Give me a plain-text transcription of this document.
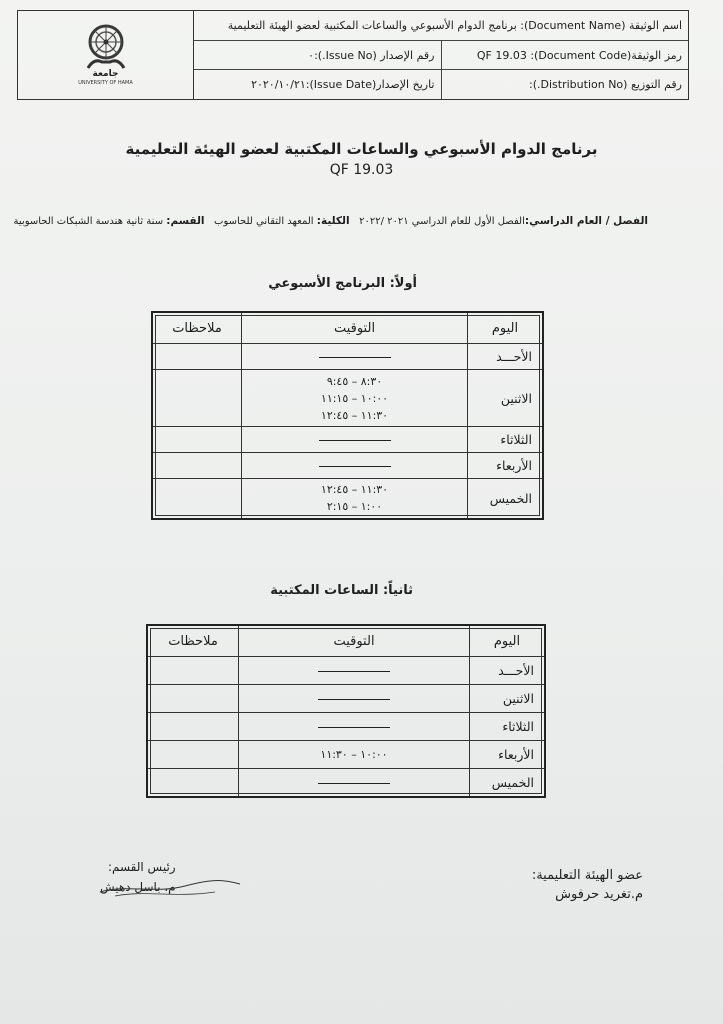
اسم الوثيقة (Document Name): برنامج الدوام الأسبوعي والساعات المكتبية لعضو الهيئة التعليمية
رمز الوثيقة(Document Code):

QF 19.03
رقم الإصدار (Issue No.):
٠
رقم التوزيع (Distribution No.):
تاريخ الإصدار(Issue Date):
٢٠٢٠/١٠/٢١
جامعة
UNIVERSITY OF HAMA
برنامج الدوام الأسبوعي والساعات المكتبية لعضو الهيئة التعليمية
QF 19.03
الفصل / العام الدراسي:الفصل الأول للعام الدراسي ٢٠٢١ /٢٠٢٢   الكلية: المعهد التقاني للحاسوب   القسم: سنة ثانية هندسة الشبكات الحاسوبية
أولاً: البرنامج الأسبوعي
اليوم	التوقيت	ملاحظات
الأحـــد		
الاثنين	٨:٣٠ – ٩:٤٥
١٠:٠٠ – ١١:١٥
١١:٣٠ – ١٢:٤٥	

الثلاثاء		
الأربعاء		
الخميس	١١:٣٠ – ١٢:٤٥
١:٠٠ – ٢:١٥	

ثانياً: الساعات المكتبية
اليوم	التوقيت	ملاحظات
الأحـــد		
الاثنين		
الثلاثاء		
الأربعاء	١٠:٠٠ – ١١:٣٠	

الخميس		
رئيس القسم:
م. باسل دهيش
عضو الهيئة التعليمية:
م.تغريد حرفوش
